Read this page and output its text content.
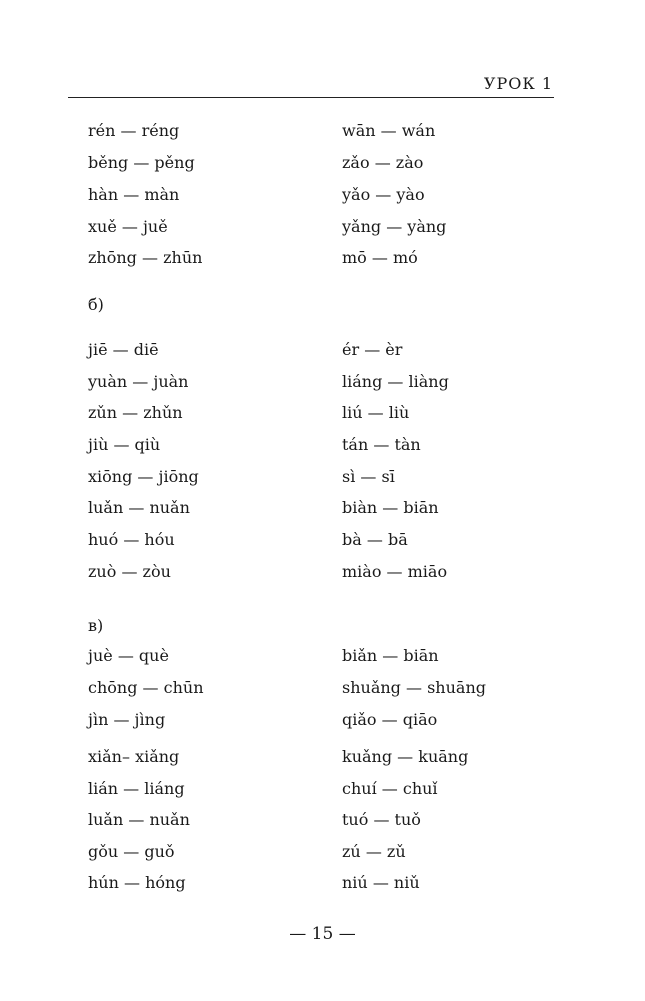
УРОК 1
rén — réng	wān — wán
běng — pěng	zǎo — zào
hàn — màn	yǎo — yào
xuě — juě	yǎng — yàng
zhōng — zhūn	mō — mó
б)
jiē — diē	ér — èr
yuàn — juàn	liáng — liàng
zǔn — zhǔn	liú — liù
jiù — qiù	tán — tàn
xiōng — jiōng	sì — sī
luǎn — nuǎn	biàn — biān
huó — hóu	bà — bā
zuò — zòu	miào — miāo
в)
juè — què	biǎn — biān
chōng — chūn	shuǎng — shuāng
jìn — jìng	qiǎo — qiāo
xiǎn– xiǎng	kuǎng — kuāng
lián — liáng	chuí — chuǐ
luǎn — nuǎn	tuó — tuǒ
gǒu — guǒ	zú — zǔ
hún — hóng	niú — niǔ
— 15 —
